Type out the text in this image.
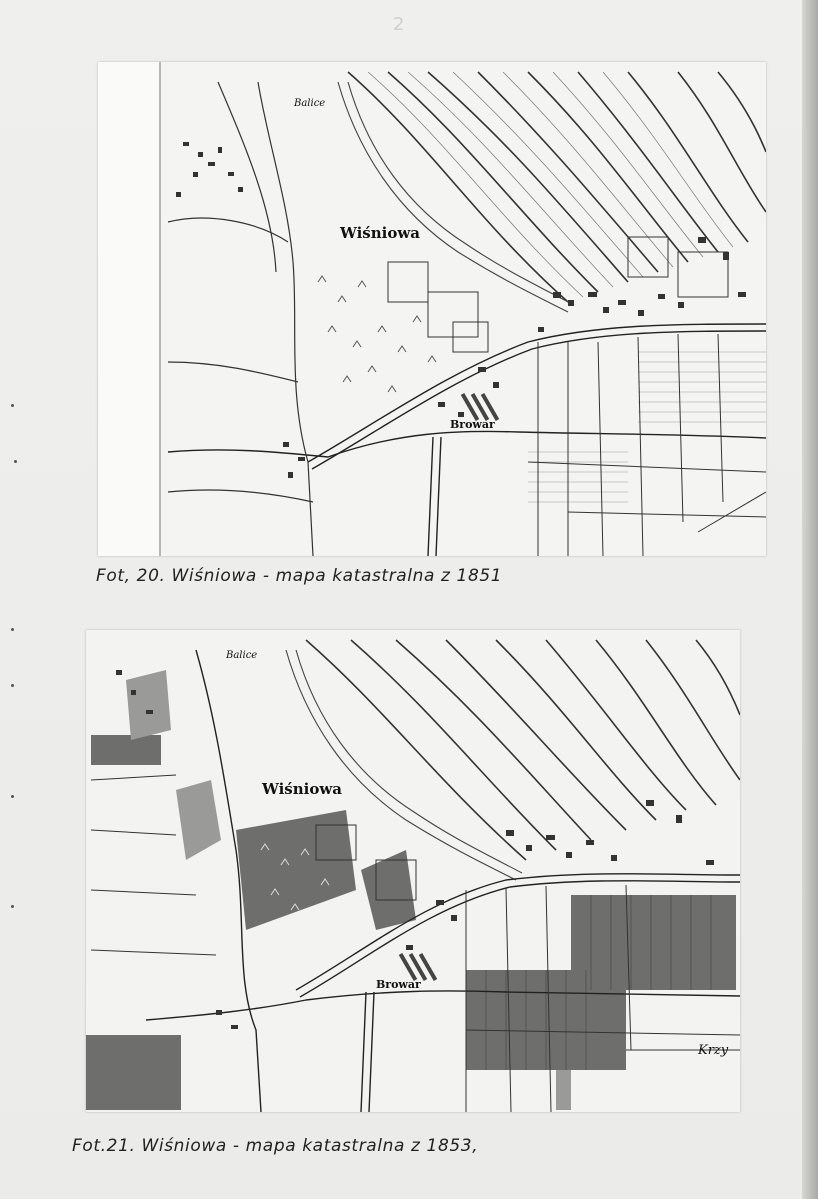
2
Balice
Wiśniowa
Browar
Fot, 20. Wiśniowa - mapa katastralna z 1851
Balice
Wiśniowa
Browar
Krzy
Fot.21. Wiśniowa - mapa katastralna z 1853,
